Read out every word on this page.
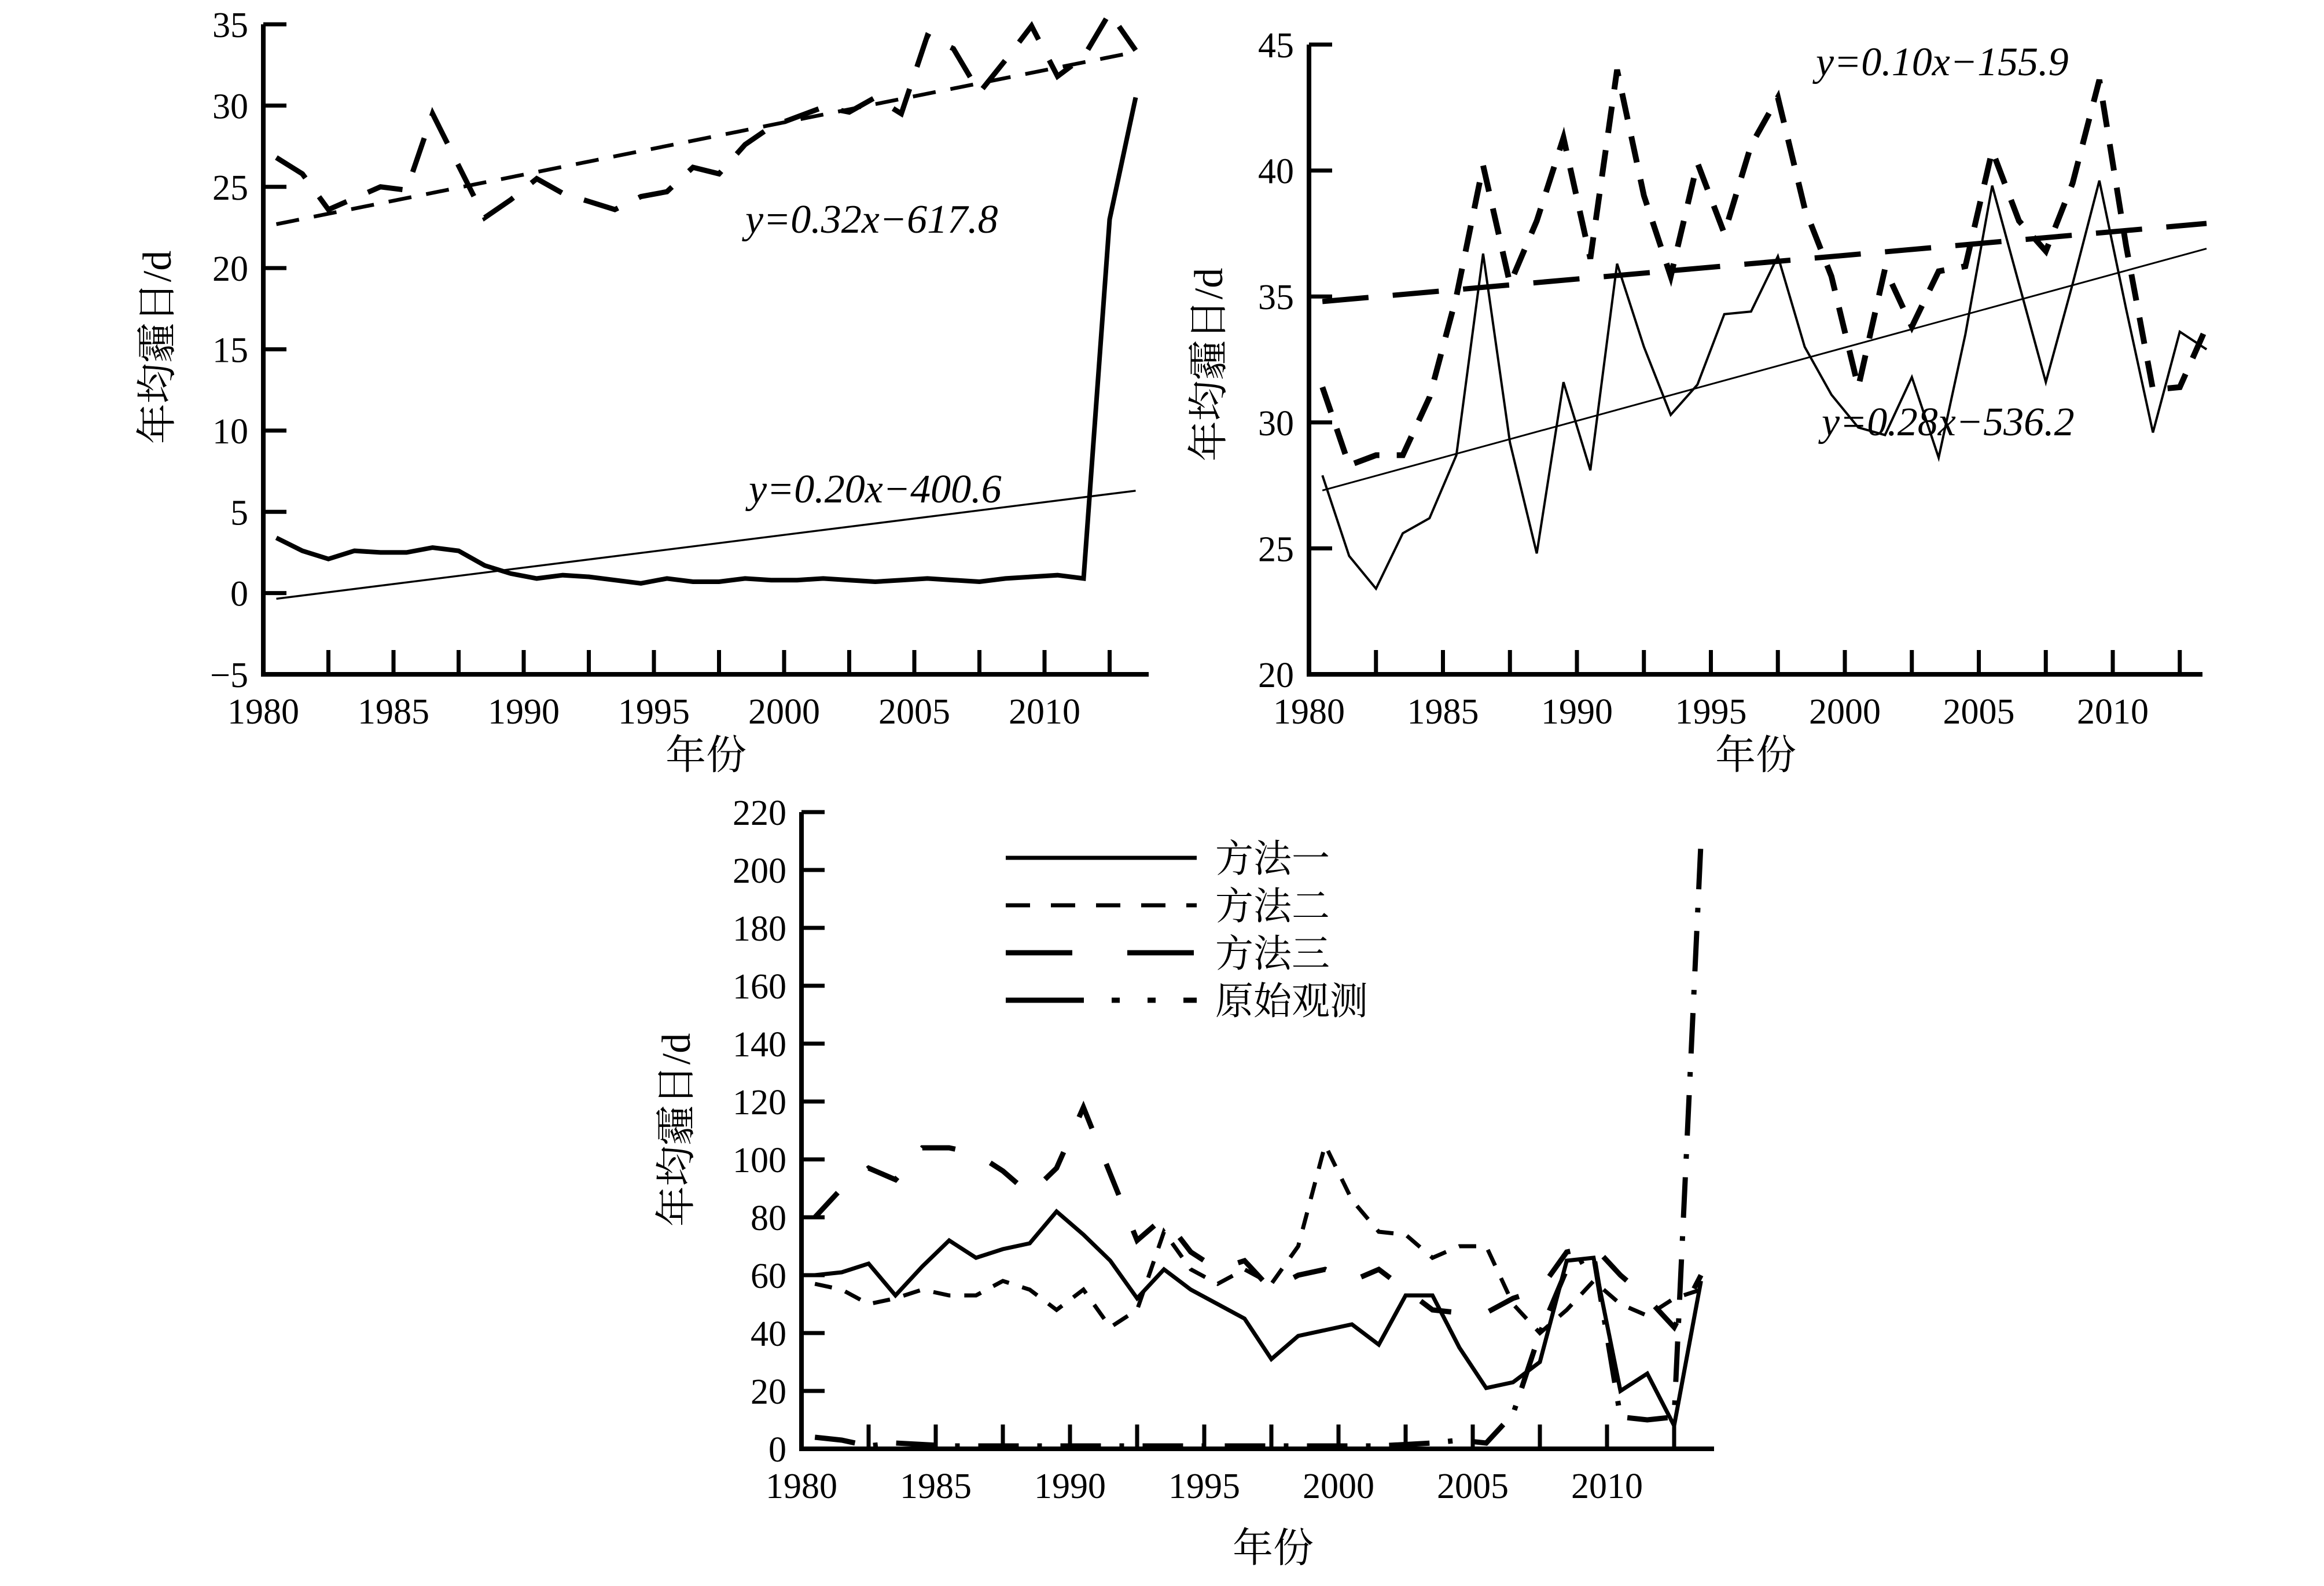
−5
0
5
10
15
20
25
30
35
1980 1985 1990 1995 2000 2005 2010
年均霾日/d
年份
y=0.32x−617.8
y=0.20x−400.6
20
25
30
35
40
45
1980 1985 1990 1995 2000 2005 2010
年均霾日/d
年份
y=0.10x−155.9
y=0.28x−536.2
0
20
40
60
80
100
120
140
160
180
200
220
1980 1985 1990 1995 2000 2005 2010
年均霾日/d
年份
方法一
方法二
方法三
原始观测
